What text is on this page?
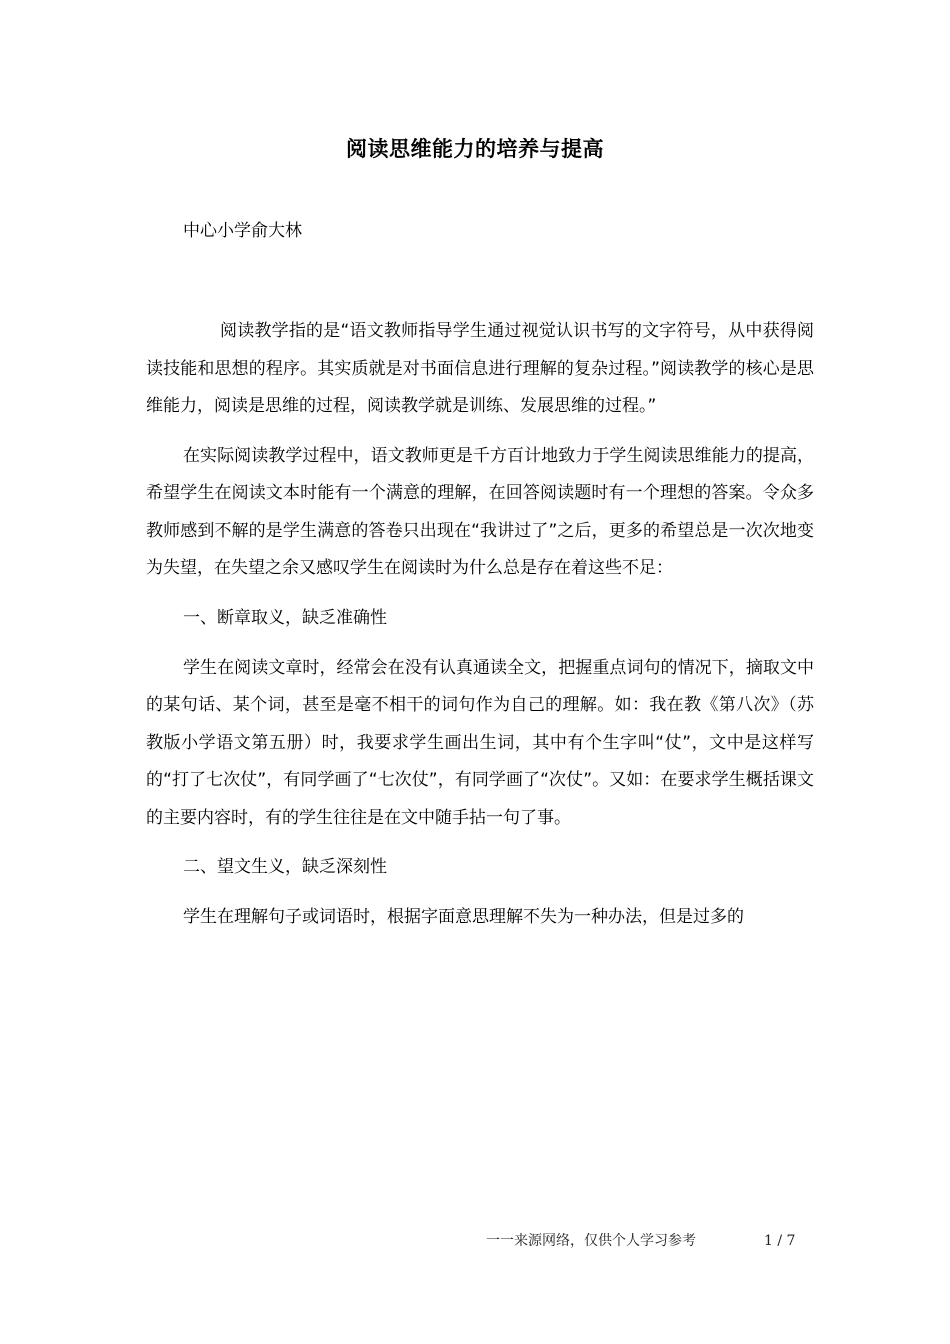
阅读思维能力的培养与提高
中心小学俞大林

阅读教学指的是“语文教师指导学生通过视觉认识书写的文字符号，从中获得阅读技能和思想的程序。其实质就是对书面信息进行理解的复杂过程。”阅读教学的核心是思维能力，阅读是思维的过程，阅读教学就是训练、发展思维的过程。”

在实际阅读教学过程中，语文教师更是千方百计地致力于学生阅读思维能力的提高，希望学生在阅读文本时能有一个满意的理解，在回答阅读题时有一个理想的答案。令众多教师感到不解的是学生满意的答卷只出现在“我讲过了”之后，更多的希望总是一次次地变为失望，在失望之余又感叹学生在阅读时为什么总是存在着这些不足：

一、断章取义，缺乏准确性

学生在阅读文章时，经常会在没有认真通读全文，把握重点词句的情况下，摘取文中的某句话、某个词，甚至是毫不相干的词句作为自己的理解。如：我在教《第八次》（苏教版小学语文第五册）时，我要求学生画出生词，其中有个生字叫“仗”，文中是这样写的“打了七次仗”，有同学画了“七次仗”，有同学画了“次仗”。又如：在要求学生概括课文的主要内容时，有的学生往往是在文中随手拈一句了事。

二、望文生义，缺乏深刻性

学生在理解句子或词语时，根据字面意思理解不失为一种办法，但是过多的

一一来源网络，仅供个人学习参考	1 / 7
